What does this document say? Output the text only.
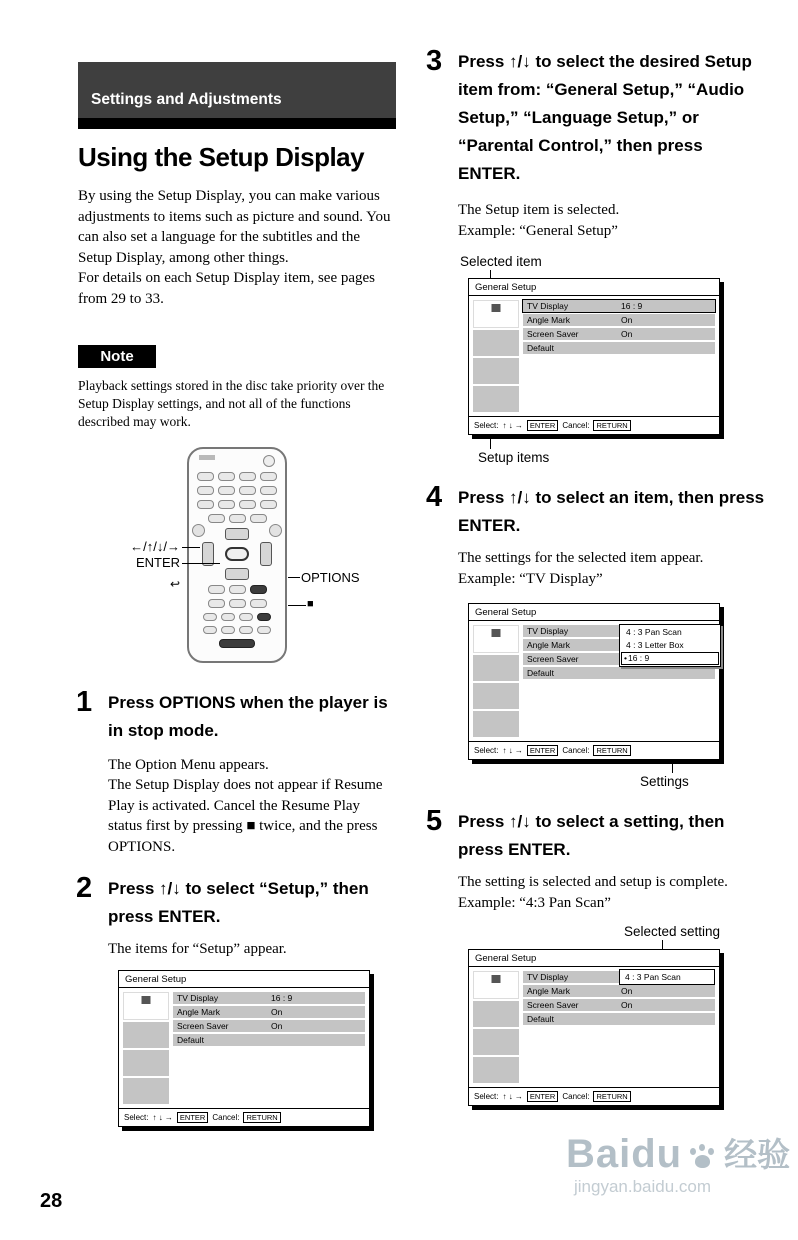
Settings and Adjustments
Using the Setup Display

By using the Setup Display, you can make various adjustments to items such as picture and sound. You can also set a language for the subtitles and the Setup Display, among other things.

For details on each Setup Display item, see pages from 29 to 33.

Note

Playback settings stored in the disc take priority over the Setup Display settings, and not all of the functions described may work.

←/↑/↓/→
ENTER
↩	OPTIONS
■
1 Press OPTIONS when the player is in stop mode.

The Option Menu appears.

The Setup Display does not appear if Resume Play is activated. Cancel the Resume Play status first by pressing ■ twice, and the press OPTIONS.

2 Press ↑/↓ to select “Setup,” then press ENTER.

The items for “Setup” appear.

General Setup
TV Display	16 : 9
Angle Mark	On
Screen Saver	On
Default
Select: ↑ ↓ → ENTER Cancel: RETURN
3 Press ↑/↓ to select the desired Setup item from: “General Setup,” “Audio Setup,” “Language Setup,” or “Parental Control,” then press ENTER.

The Setup item is selected.

Example: “General Setup”

Selected item
General Setup
TV Display	16 : 9
Angle Mark	On
Screen Saver	On
Default
Select: ↑ ↓ → ENTER Cancel: RETURN
Setup items
4 Press ↑/↓ to select an item, then press ENTER.

The settings for the selected item appear.

Example: “TV Display”

General Setup
TV Display
Angle Mark
Screen Saver
Default
4 : 3 Pan Scan
4 : 3 Letter Box
• 16 : 9
Select: ↑ ↓ → ENTER Cancel: RETURN
Settings
5 Press ↑/↓ to select a setting, then press ENTER.

The setting is selected and setup is complete.

Example: “4:3 Pan Scan”

Selected setting
General Setup
TV Display	4 : 3 Pan Scan
Angle Mark	On
Screen Saver	On
Default
Select: ↑ ↓ → ENTER Cancel: RETURN
28
Baidu 经验
jingyan.baidu.com
